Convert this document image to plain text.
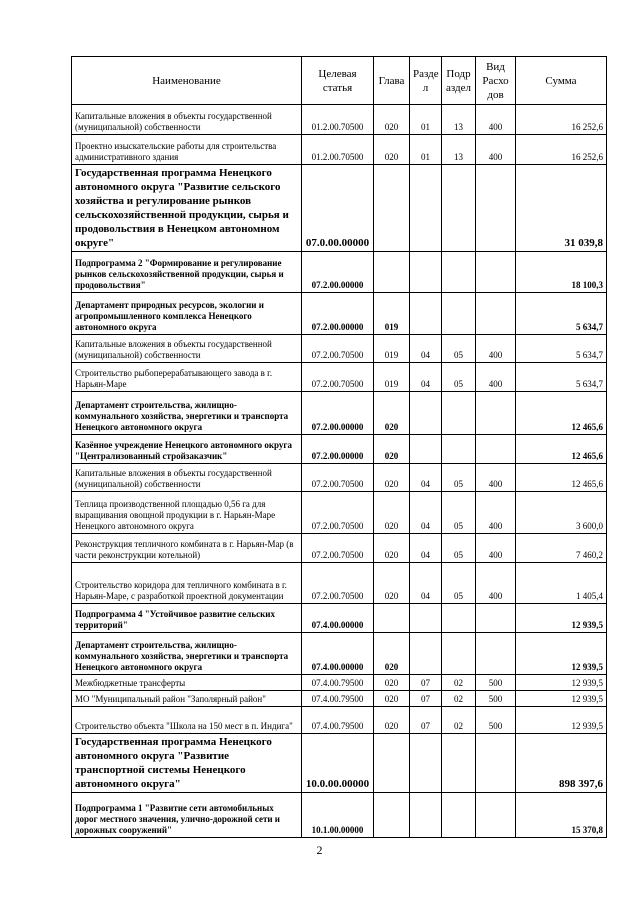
Наименование	Целевая статья	Глава	Разде л	Подр аздел	Вид Расхо дов	Сумма
Капитальные вложения в объекты государственной (муниципальной) собственности	01.2.00.70500	020	01	13	400	16 252,6
Проектно изыскательские работы для строительства административного здания	01.2.00.70500	020	01	13	400	16 252,6
Государственная программа Ненецкого автономного округа "Развитие сельского хозяйства и регулирование рынков сельскохозяйственной продукции, сырья и продовольствия в Ненецком автономном округе"	07.0.00.00000					31 039,8
Подпрограмма 2 "Формирование и регулирование рынков сельскохозяйственной продукции, сырья и продовольствия"	07.2.00.00000					18 100,3
Департамент природных ресурсов, экологии и агропромышленного комплекса Ненецкого автономного округа	07.2.00.00000	019				5 634,7
Капитальные вложения в объекты государственной (муниципальной) собственности	07.2.00.70500	019	04	05	400	5 634,7
Строительство рыбоперерабатывающего завода в г. Нарьян-Маре	07.2.00.70500	019	04	05	400	5 634,7
Департамент строительства, жилищно-коммунального хозяйства, энергетики и транспорта Ненецкого автономного округа	07.2.00.00000	020				12 465,6
Казённое учреждение Ненецкого автономного округа "Централизованный стройзаказчик"	07.2.00.00000	020				12 465,6
Капитальные вложения в объекты государственной (муниципальной) собственности	07.2.00.70500	020	04	05	400	12 465,6
Теплица производственной площадью 0,56 га для выращивания овощной продукции в г. Нарьян-Маре Ненецкого автономного округа	07.2.00.70500	020	04	05	400	3 600,0
Реконструкция тепличного комбината в г. Нарьян-Мар (в части реконструкции котельной)	07.2.00.70500	020	04	05	400	7 460,2
Строительство коридора для тепличного комбината в г. Нарьян-Маре, с разработкой проектной документации	07.2.00.70500	020	04	05	400	1 405,4
Подпрограмма 4 "Устойчивое развитие сельских территорий"	07.4.00.00000					12 939,5
Департамент строительства, жилищно-коммунального хозяйства, энергетики и транспорта Ненецкого автономного округа	07.4.00.00000	020				12 939,5
Межбюджетные трансферты	07.4.00.79500	020	07	02	500	12 939,5
МО "Муниципальный район "Заполярный район"	07.4.00.79500	020	07	02	500	12 939,5
Строительство объекта "Школа на 150 мест в п. Индига"	07.4.00.79500	020	07	02	500	12 939,5
Государственная программа Ненецкого автономного округа "Развитие транспортной системы Ненецкого автономного округа"	10.0.00.00000					898 397,6
Подпрограмма 1 "Развитие сети автомобильных дорог местного значения, улично-дорожной сети и дорожных сооружений"	10.1.00.00000					15 370,8
2
